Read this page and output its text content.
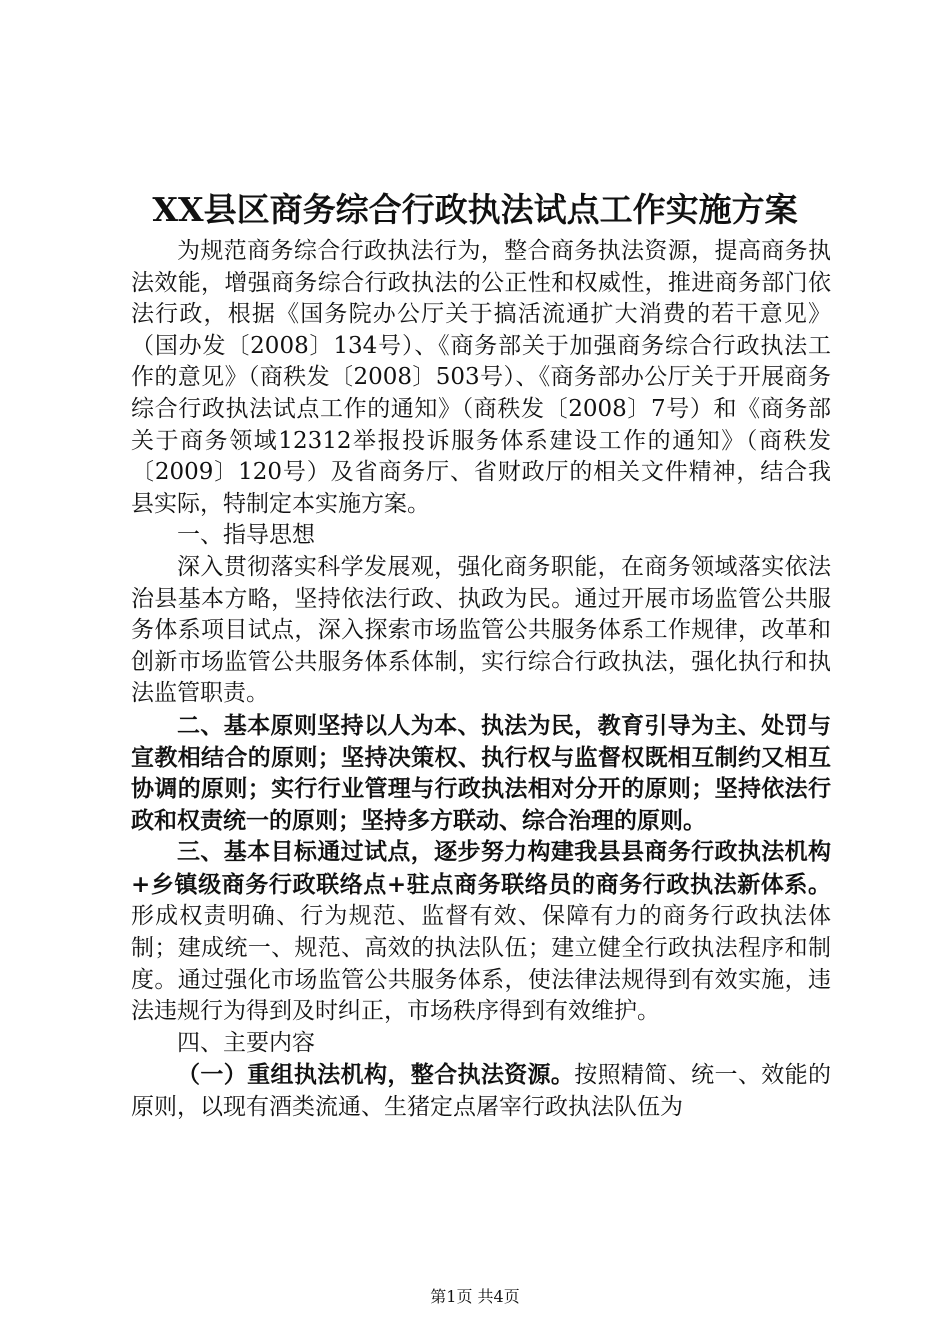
XX县区商务综合行政执法试点工作实施方案

为规范商务综合行政执法行为，整合商务执法资源，提高商务执法效能，增强商务综合行政执法的公正性和权威性，推进商务部门依法行政，根据《国务院办公厅关于搞活流通扩大消费的若干意见》（国办发〔2008〕134号）、《商务部关于加强商务综合行政执法工作的意见》（商秩发〔2008〕503号）、《商务部办公厅关于开展商务综合行政执法试点工作的通知》（商秩发〔2008〕7号）和《商务部关于商务领域12312举报投诉服务体系建设工作的通知》（商秩发〔2009〕120号）及省商务厅、省财政厅的相关文件精神，结合我县实际，特制定本实施方案。

一、指导思想

深入贯彻落实科学发展观，强化商务职能，在商务领域落实依法治县基本方略，坚持依法行政、执政为民。通过开展市场监管公共服务体系项目试点，深入探索市场监管公共服务体系工作规律，改革和创新市场监管公共服务体系体制，实行综合行政执法，强化执行和执法监管职责。

二、基本原则坚持以人为本、执法为民，教育引导为主、处罚与宣教相结合的原则；坚持决策权、执行权与监督权既相互制约又相互协调的原则；实行行业管理与行政执法相对分开的原则；坚持依法行政和权责统一的原则；坚持多方联动、综合治理的原则。

三、基本目标通过试点，逐步努力构建我县县商务行政执法机构+乡镇级商务行政联络点+驻点商务联络员的商务行政执法新体系。形成权责明确、行为规范、监督有效、保障有力的商务行政执法体制；建成统一、规范、高效的执法队伍；建立健全行政执法程序和制度。通过强化市场监管公共服务体系，使法律法规得到有效实施，违法违规行为得到及时纠正，市场秩序得到有效维护。

四、主要内容

（一）重组执法机构，整合执法资源。按照精简、统一、效能的原则，以现有酒类流通、生猪定点屠宰行政执法队伍为

第1页 共4页
